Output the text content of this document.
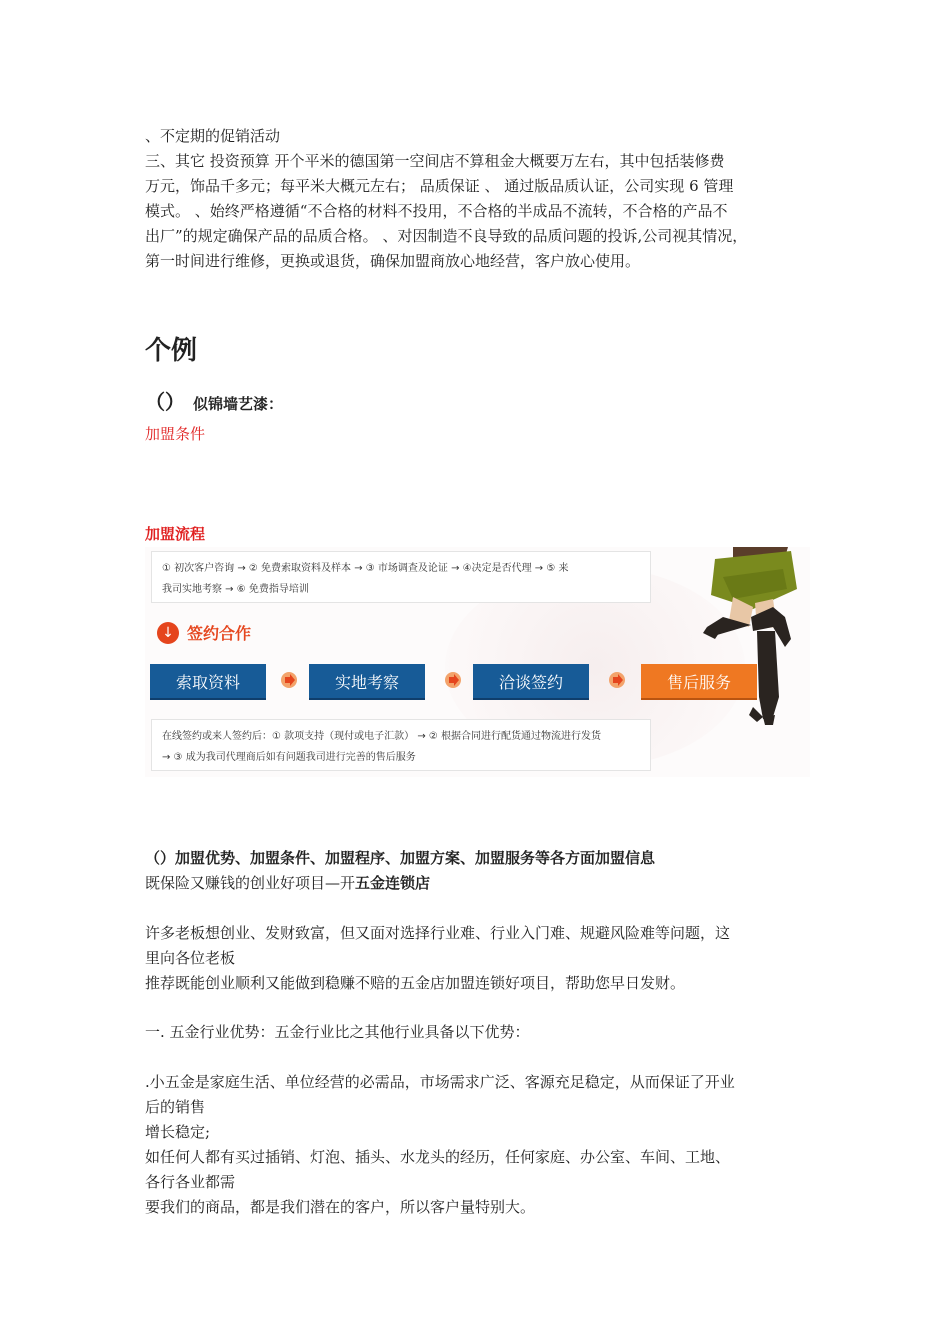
、不定期的促销活动
三、其它 投资预算 开个平米的德国第一空间店不算租金大概要万左右，其中包括装修费
万元，饰品千多元；每平米大概元左右； 品质保证 、 通过版品质认证，公司实现 6 管理
模式。 、始终严格遵循“不合格的材料不投用，不合格的半成品不流转，不合格的产品不
出厂”的规定确保产品的品质合格。 、对因制造不良导致的品质问题的投诉,公司视其情况，
第一时间进行维修，更换或退货，确保加盟商放心地经营，客户放心使用。
个例
（） 似锦墙艺漆：
加盟条件
加盟流程
① 初次客户咨询 → ② 免费索取资料及样本 → ③ 市场调查及论证 → ④决定是否代理 → ⑤ 来
我司实地考察 → ⑥ 免费指导培训
↓ 签约合作
索取资料	实地考察	洽谈签约	售后服务
在线签约或来人签约后：① 款项支持（现付或电子汇款） → ② 根据合同进行配货通过物流进行发货
→ ③ 成为我司代理商后如有问题我司进行完善的售后服务
（）加盟优势、加盟条件、加盟程序、加盟方案、加盟服务等各方面加盟信息
既保险又赚钱的创业好项目—开五金连锁店
许多老板想创业、发财致富，但又面对选择行业难、行业入门难、规避风险难等问题，这
里向各位老板
推荐既能创业顺利又能做到稳赚不赔的五金店加盟连锁好项目，帮助您早日发财。
一. 五金行业优势：五金行业比之其他行业具备以下优势：
.小五金是家庭生活、单位经营的必需品，市场需求广泛、客源充足稳定，从而保证了开业
后的销售
增长稳定;
如任何人都有买过插销、灯泡、插头、水龙头的经历，任何家庭、办公室、车间、工地、
各行各业都需
要我们的商品，都是我们潜在的客户，所以客户量特别大。
